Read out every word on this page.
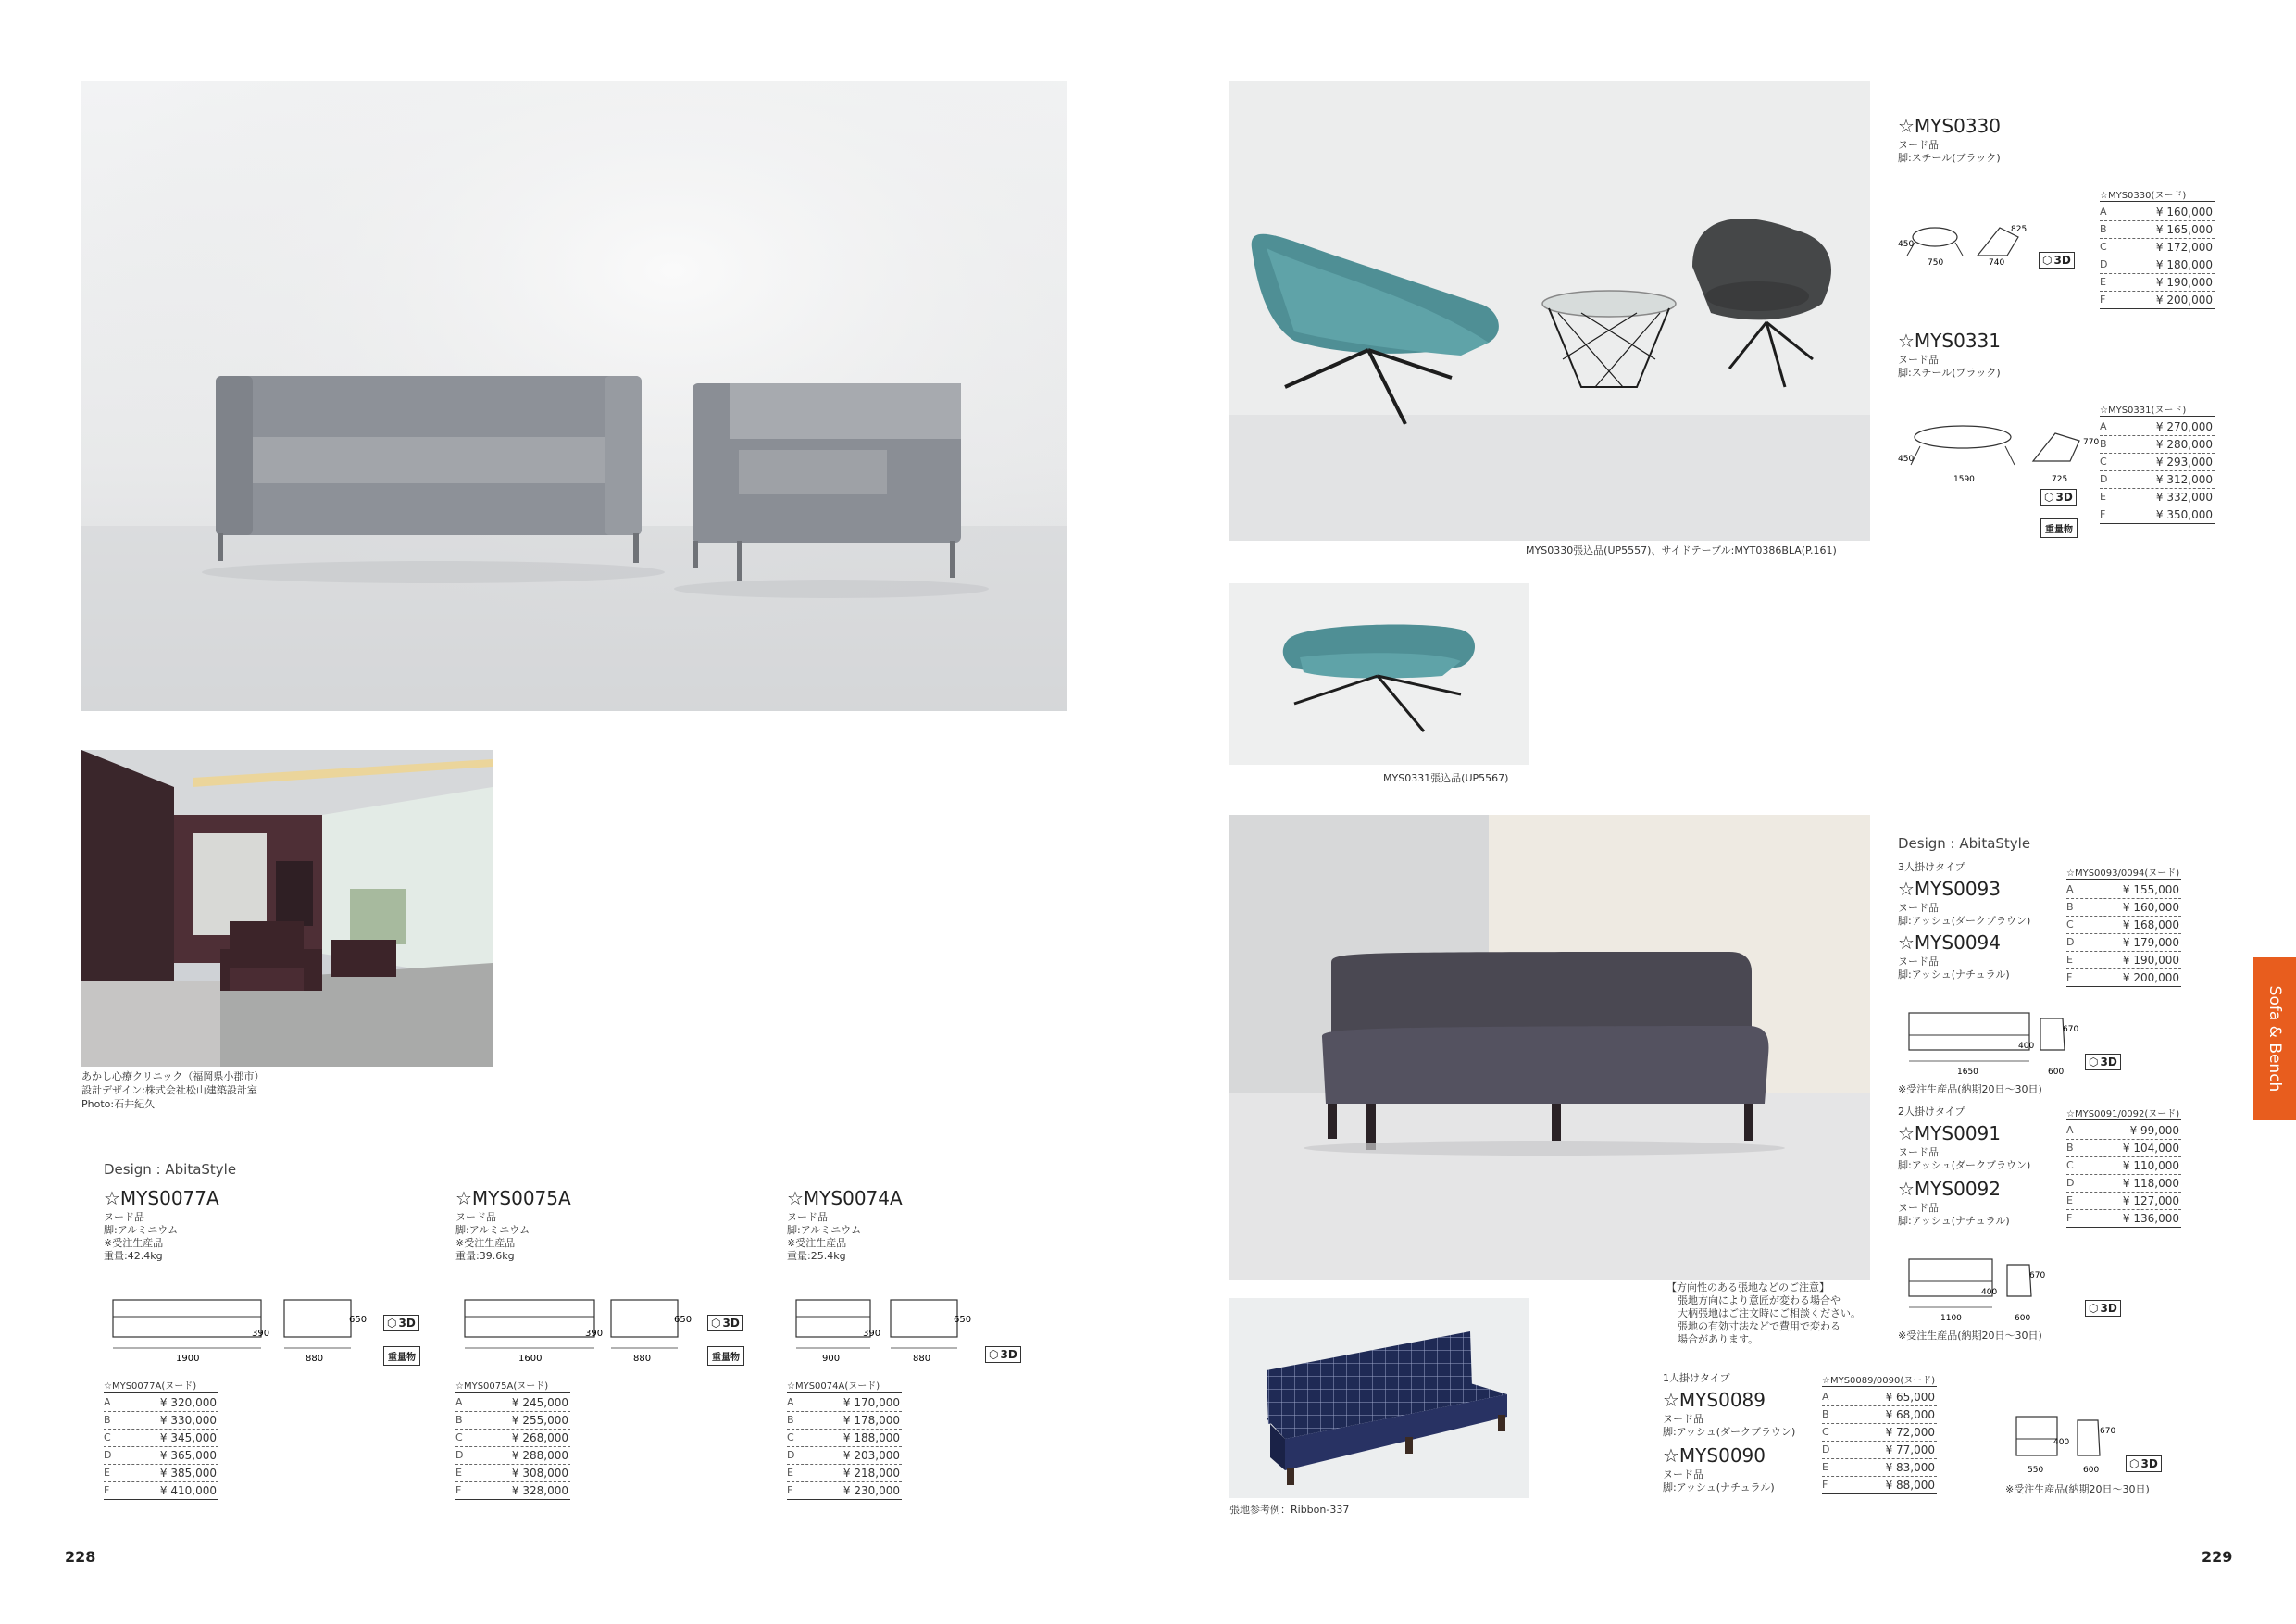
あかし心療クリニック（福岡県小郡市）
設計デザイン:株式会社松山建築設計室
Photo:石井紀久
Design : AbitaStyle
☆MYS0077A
ヌード品
脚:アルミニウム
※受注生産品
重量:42.4kg
1900
390
880
650 ⬡ 3D
重量物
☆MYS0077A(ヌード)
A	¥ 320,000
B	¥ 330,000
C	¥ 345,000
D	¥ 365,000
E	¥ 385,000
F	¥ 410,000
☆MYS0075A
ヌード品
脚:アルミニウム
※受注生産品
重量:39.6kg
1600
390
880
650 ⬡ 3D
重量物
☆MYS0075A(ヌード)
A	¥ 245,000
B	¥ 255,000
C	¥ 268,000
D	¥ 288,000
E	¥ 308,000
F	¥ 328,000
☆MYS0074A
ヌード品
脚:アルミニウム
※受注生産品
重量:25.4kg
900
390
880
650
⬡ 3D
☆MYS0074A(ヌード)
A	¥ 170,000
B	¥ 178,000
C	¥ 188,000
D	¥ 203,000
E	¥ 218,000
F	¥ 230,000
228
MYS0330張込品(UP5557)、サイドテーブル:MYT0386BLA(P.161)
☆MYS0330
ヌード品
脚:スチール(ブラック)
450
750
825
740	⬡ 3D
☆MYS0330(ヌード)
A	¥ 160,000
B	¥ 165,000
C	¥ 172,000
D	¥ 180,000
E	¥ 190,000
F	¥ 200,000
☆MYS0331
ヌード品
脚:スチール(ブラック)
450
1590
770
725
⬡ 3D
重量物
☆MYS0331(ヌード)
A	¥ 270,000
B	¥ 280,000
C	¥ 293,000
D	¥ 312,000
E	¥ 332,000
F	¥ 350,000
MYS0331張込品(UP5567)
張地参考例：Ribbon-337
Design : AbitaStyle
3人掛けタイプ
☆MYS0093
ヌード品
脚:アッシュ(ダークブラウン)
☆MYS0094
ヌード品
脚:アッシュ(ナチュラル)
☆MYS0093/0094(ヌード)
A	¥ 155,000
B	¥ 160,000
C	¥ 168,000
D	¥ 179,000
E	¥ 190,000
F	¥ 200,000
1650
400
600
670
⬡ 3D
※受注生産品(納期20日〜30日)
2人掛けタイプ
☆MYS0091
ヌード品
脚:アッシュ(ダークブラウン)
☆MYS0092
ヌード品
脚:アッシュ(ナチュラル)
☆MYS0091/0092(ヌード)
A	¥ 99,000
B	¥ 104,000
C	¥ 110,000
D	¥ 118,000
E	¥ 127,000
F	¥ 136,000
1100
400
600
670
⬡ 3D
※受注生産品(納期20日〜30日)
【方向性のある張地などのご注意】
張地方向により意匠が変わる場合や
大柄張地はご注文時にご相談ください。
張地の有効寸法などで費用で変わる
場合があります。
1人掛けタイプ
☆MYS0089
ヌード品
脚:アッシュ(ダークブラウン)
☆MYS0090
ヌード品
脚:アッシュ(ナチュラル)
☆MYS0089/0090(ヌード)
A	¥ 65,000
B	¥ 68,000
C	¥ 72,000
D	¥ 77,000
E	¥ 83,000
F	¥ 88,000
550
400
600
670
⬡ 3D
※受注生産品(納期20日〜30日)
Sofa & Bench
229
